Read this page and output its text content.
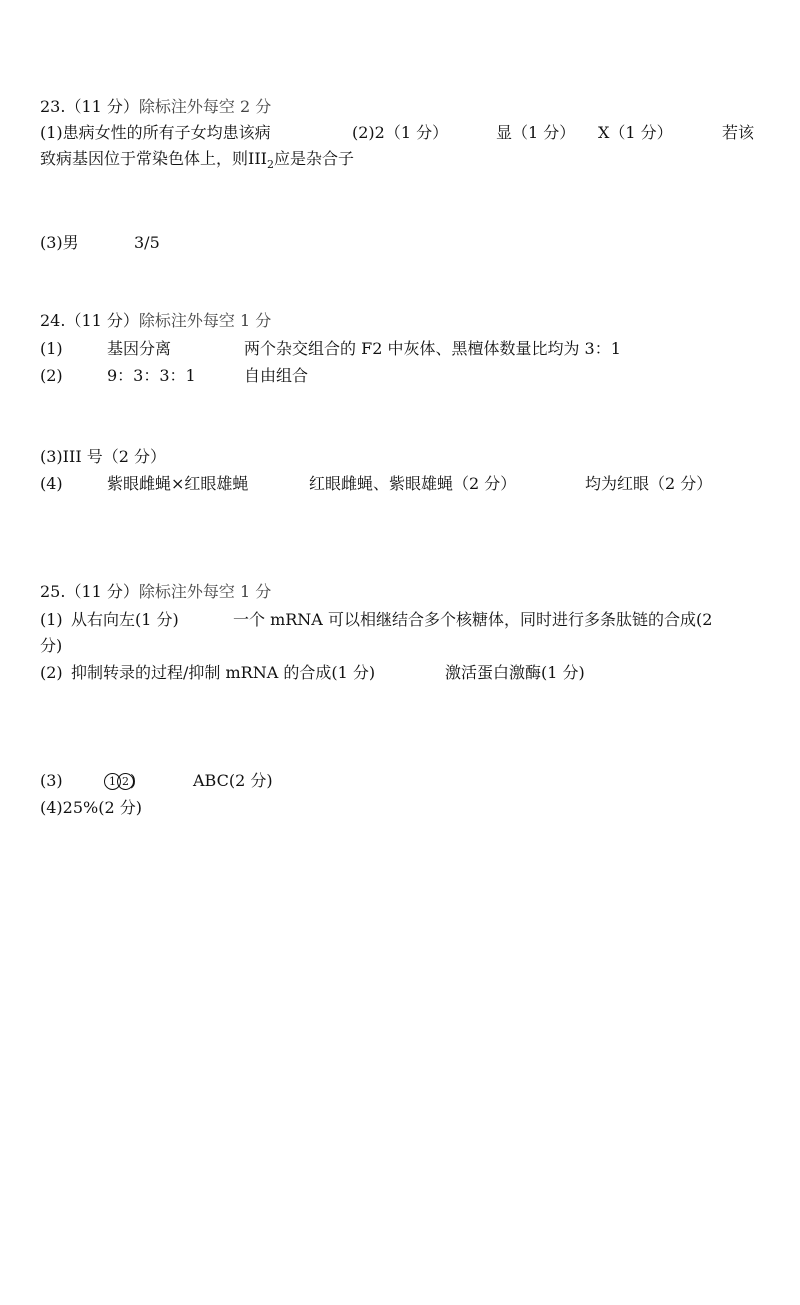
23.（11 分）除标注外每空 2 分
(1)患病女性的所有子女均患该病	(2)2（1 分）	显（1 分） X（1 分）	若该
致病基因位于常染色体上，则$III_2$应是杂合子
(3)男	3/5
24.（11 分）除标注外每空 1 分
(1)	基因分离	两个杂交组合的 F2 中灰体、黑檀体数量比均为 3：1
(2)	9：3：3：1	自由组合
(3)III 号（2 分）
(4)	紫眼雌蝇×红眼雄蝇	红眼雌蝇、紫眼雄蝇（2 分）	均为红眼（2 分）
25.（11 分）除标注外每空 1 分
(1) 从右向左(1 分)	一个 mRNA 可以相继结合多个核糖体，同时进行多条肽链的合成(2
分)
(2) 抑制转录的过程/抑制 mRNA 的合成(1 分)	激活蛋白激酶(1 分)
(3)	1 2)	ABC(2 分)
(4)25%(2 分)
